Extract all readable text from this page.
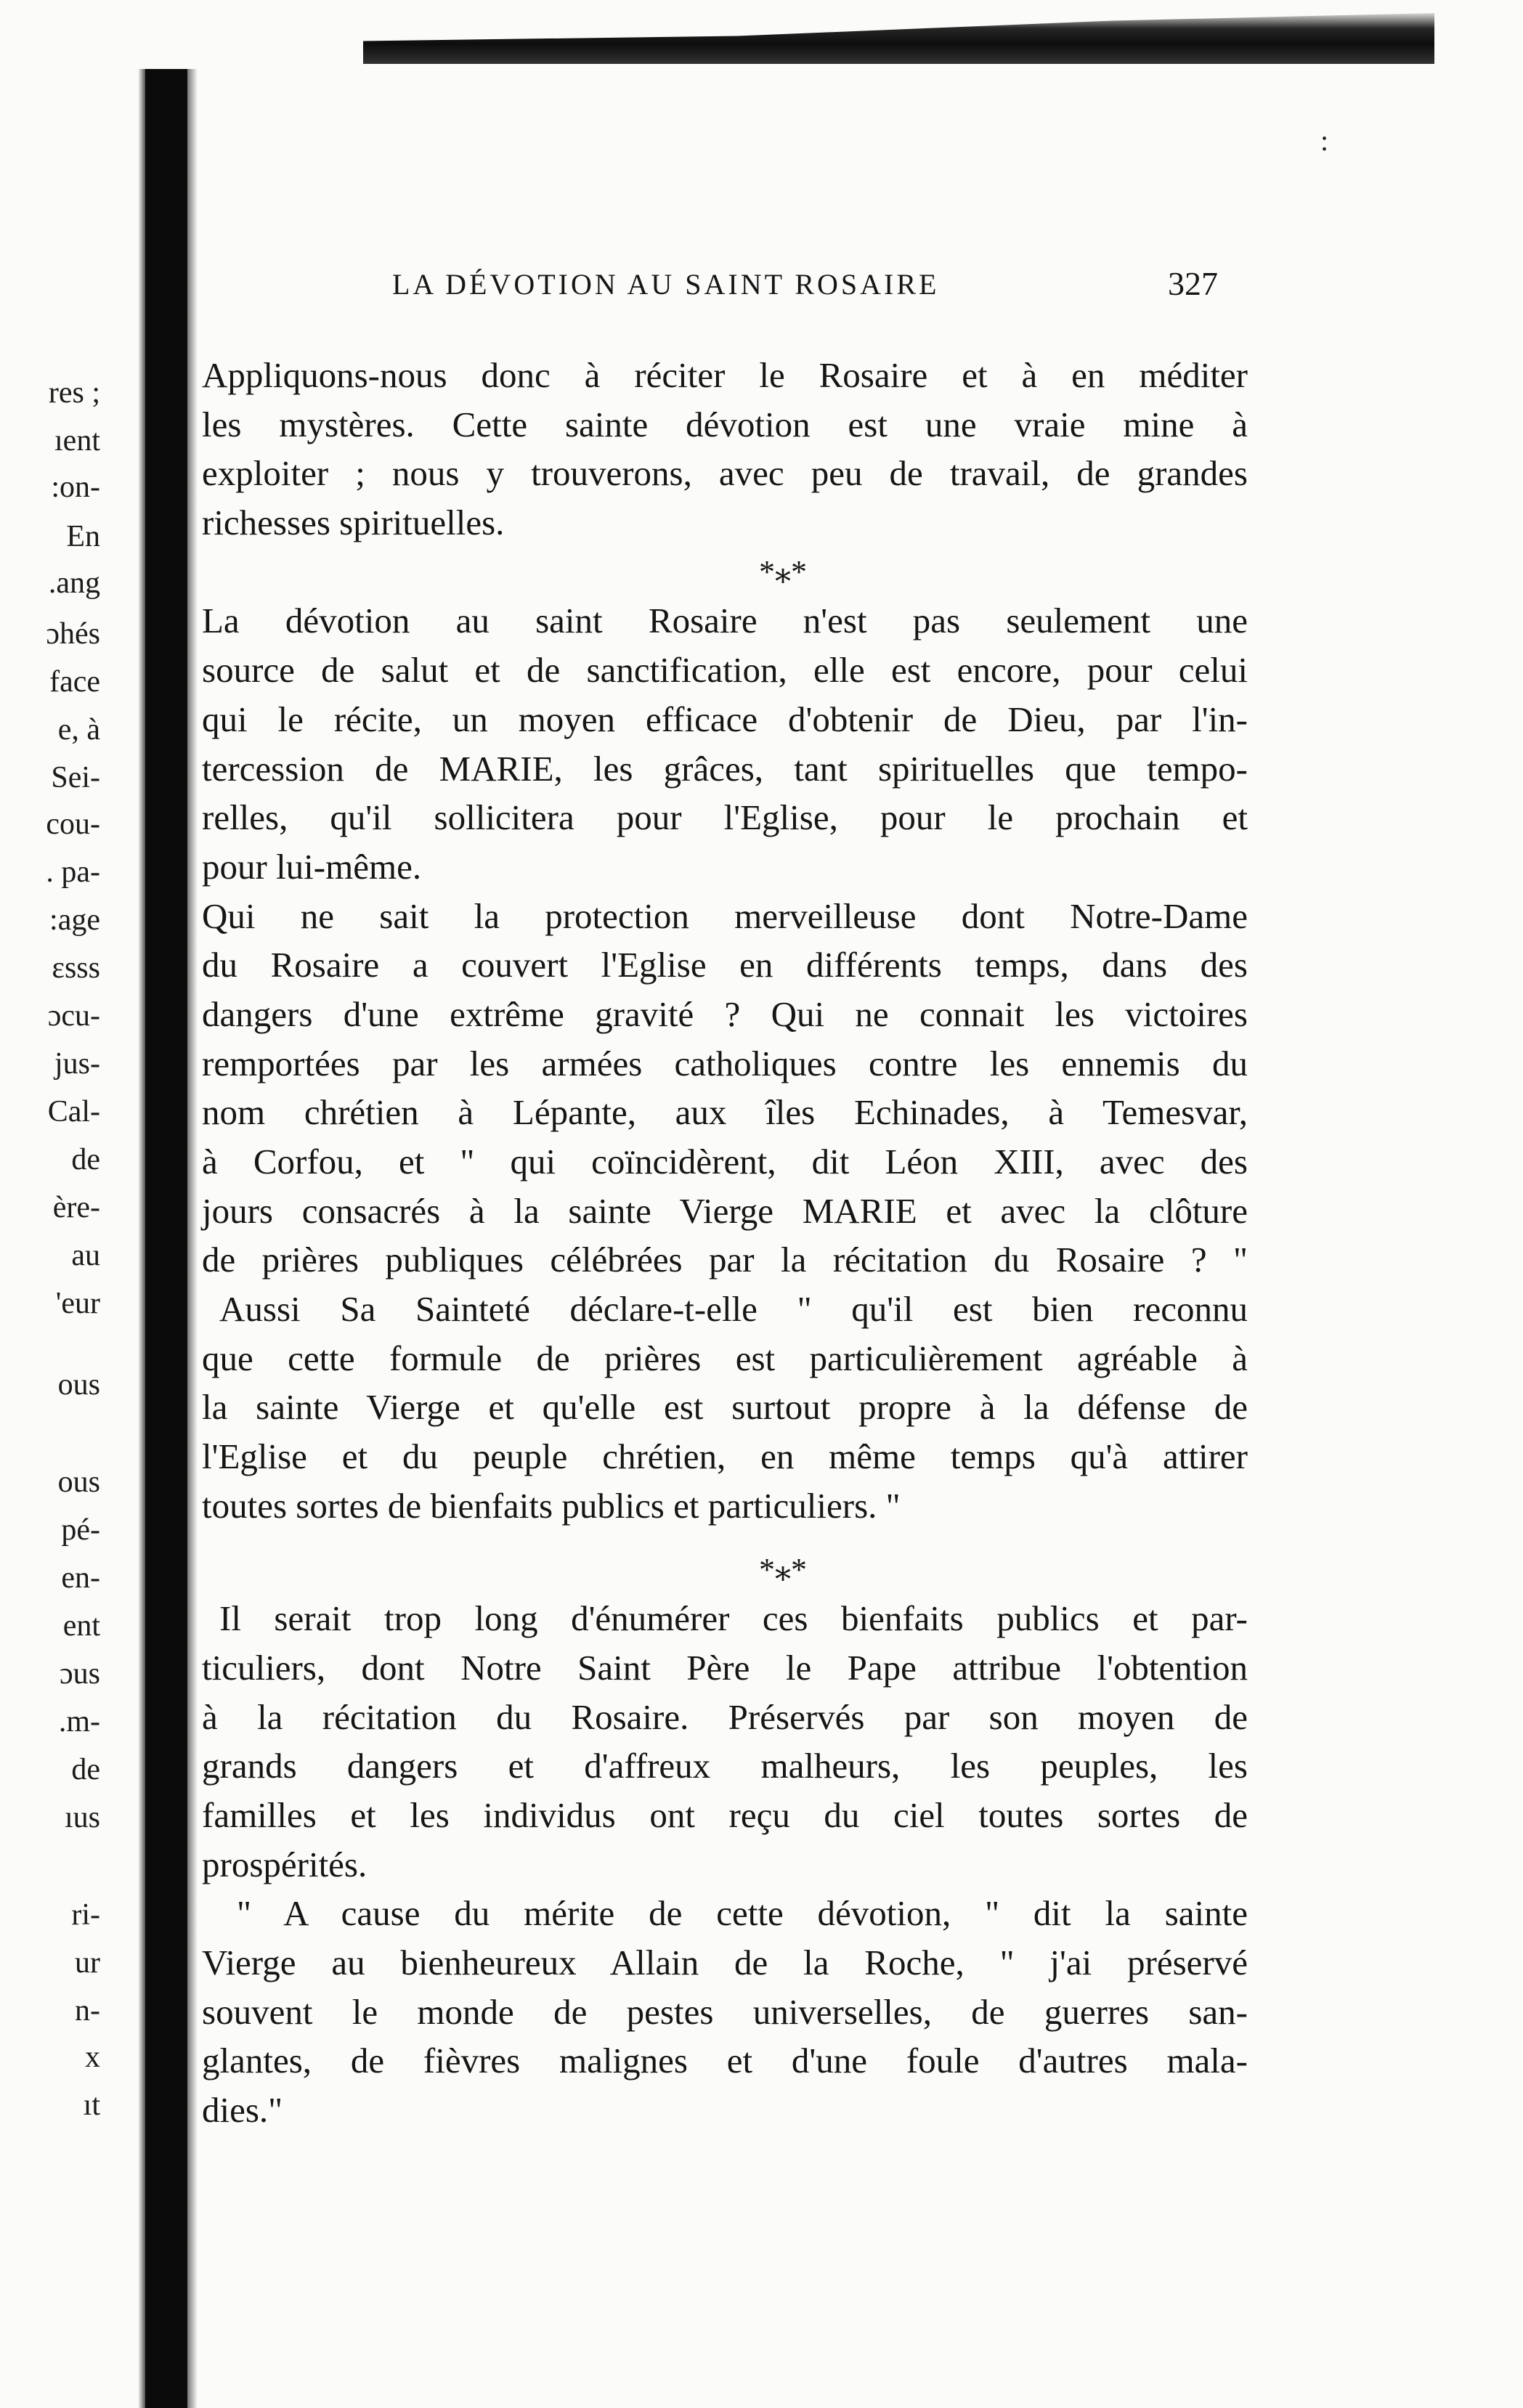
:
res ;
ıent
:on-
En
.ang
ɔhés
face
e, à
Sei-
cou-
. pa-
:age
ɛsss
ɔcu-
jus-
Cal-
de
ère-
au
'eur
ous
ous
pé-
en-
ent
ɔus
.m-
de
ıus
ri-
ur
n-
x
ıt
LA DÉVOTION AU SAINT ROSAIRE	327
Appliquons-nous donc à réciter le Rosaire et à en méditer
les mystères. Cette sainte dévotion est une vraie mine à
exploiter ; nous y trouverons, avec peu de travail, de grandes
richesses spirituelles.
*⁎*
La dévotion au saint Rosaire n'est pas seulement une
source de salut et de sanctification, elle est encore, pour celui
qui le récite, un moyen efficace d'obtenir de Dieu, par l'in-
tercession de MARIE, les grâces, tant spirituelles que tempo-
relles, qu'il sollicitera pour l'Eglise, pour le prochain et
pour lui-même.
Qui ne sait la protection merveilleuse dont Notre-Dame
du Rosaire a couvert l'Eglise en différents temps, dans des
dangers d'une extrême gravité ? Qui ne connait les victoires
remportées par les armées catholiques contre les ennemis du
nom chrétien à Lépante, aux îles Echinades, à Temesvar,
à Corfou, et " qui coïncidèrent, dit Léon XIII, avec des
jours consacrés à la sainte Vierge MARIE et avec la clôture
de prières publiques célébrées par la récitation du Rosaire ? "
Aussi Sa Sainteté déclare-t-elle " qu'il est bien reconnu
que cette formule de prières est particulièrement agréable à
la sainte Vierge et qu'elle est surtout propre à la défense de
l'Eglise et du peuple chrétien, en même temps qu'à attirer
toutes sortes de bienfaits publics et particuliers. "
*⁎*
Il serait trop long d'énumérer ces bienfaits publics et par-
ticuliers, dont Notre Saint Père le Pape attribue l'obtention
à la récitation du Rosaire. Préservés par son moyen de
grands dangers et d'affreux malheurs, les peuples, les
familles et les individus ont reçu du ciel toutes sortes de
prospérités.
" A cause du mérite de cette dévotion, " dit la sainte
Vierge au bienheureux Allain de la Roche, " j'ai préservé
souvent le monde de pestes universelles, de guerres san-
glantes, de fièvres malignes et d'une foule d'autres mala-
dies."
